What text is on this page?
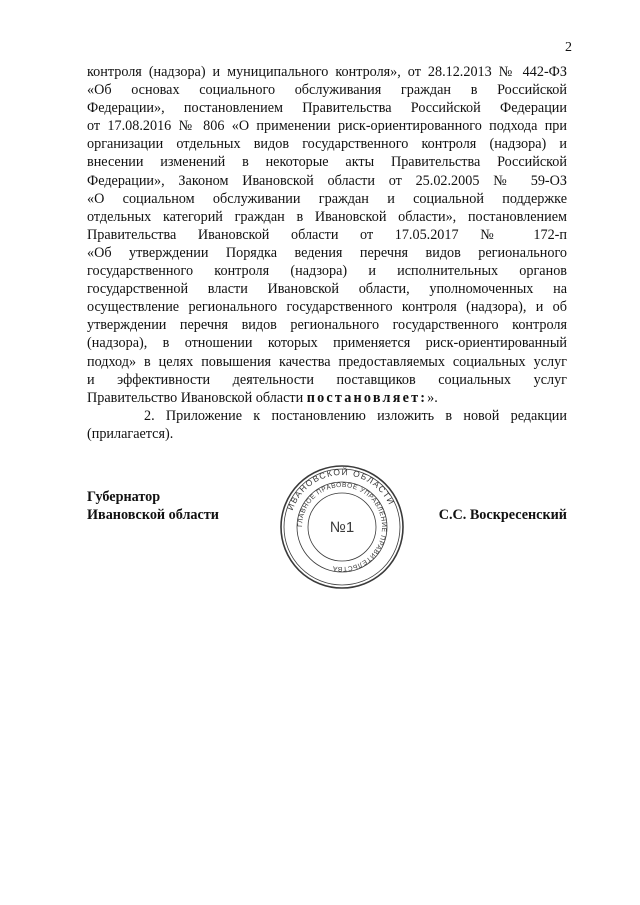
2
контроля (надзора) и муниципального контроля», от 28.12.2013 № 442-ФЗ
«Об основах социального обслуживания граждан в Российской
Федерации», постановлением Правительства Российской Федерации
от 17.08.2016 № 806 «О применении риск-ориентированного подхода при
организации отдельных видов государственного контроля (надзора) и
внесении изменений в некоторые акты Правительства Российской
Федерации», Законом Ивановской области от 25.02.2005 № 59-ОЗ
«О социальном обслуживании граждан и социальной поддержке
отдельных категорий граждан в Ивановской области», постановлением
Правительства Ивановской области от 17.05.2017 № 172-п
«Об утверждении Порядка ведения перечня видов регионального
государственного контроля (надзора) и исполнительных органов
государственной власти Ивановской области, уполномоченных на
осуществление регионального государственного контроля (надзора), и об
утверждении перечня видов регионального государственного контроля
(надзора), в отношении которых применяется риск-ориентированный
подход» в целях повышения качества предоставляемых социальных услуг
и эффективности деятельности поставщиков социальных услуг
Правительство Ивановской области постановляет:».
2. Приложение к постановлению изложить в новой редакции
(прилагается).
Губернатор
Ивановской области
ИВАНОВСКОЙ ОБЛАСТИ
ГЛАВНОЕ ПРАВОВОЕ УПРАВЛЕНИЕ ПРАВИТЕЛЬСТВА
№1
С.С. Воскресенский
